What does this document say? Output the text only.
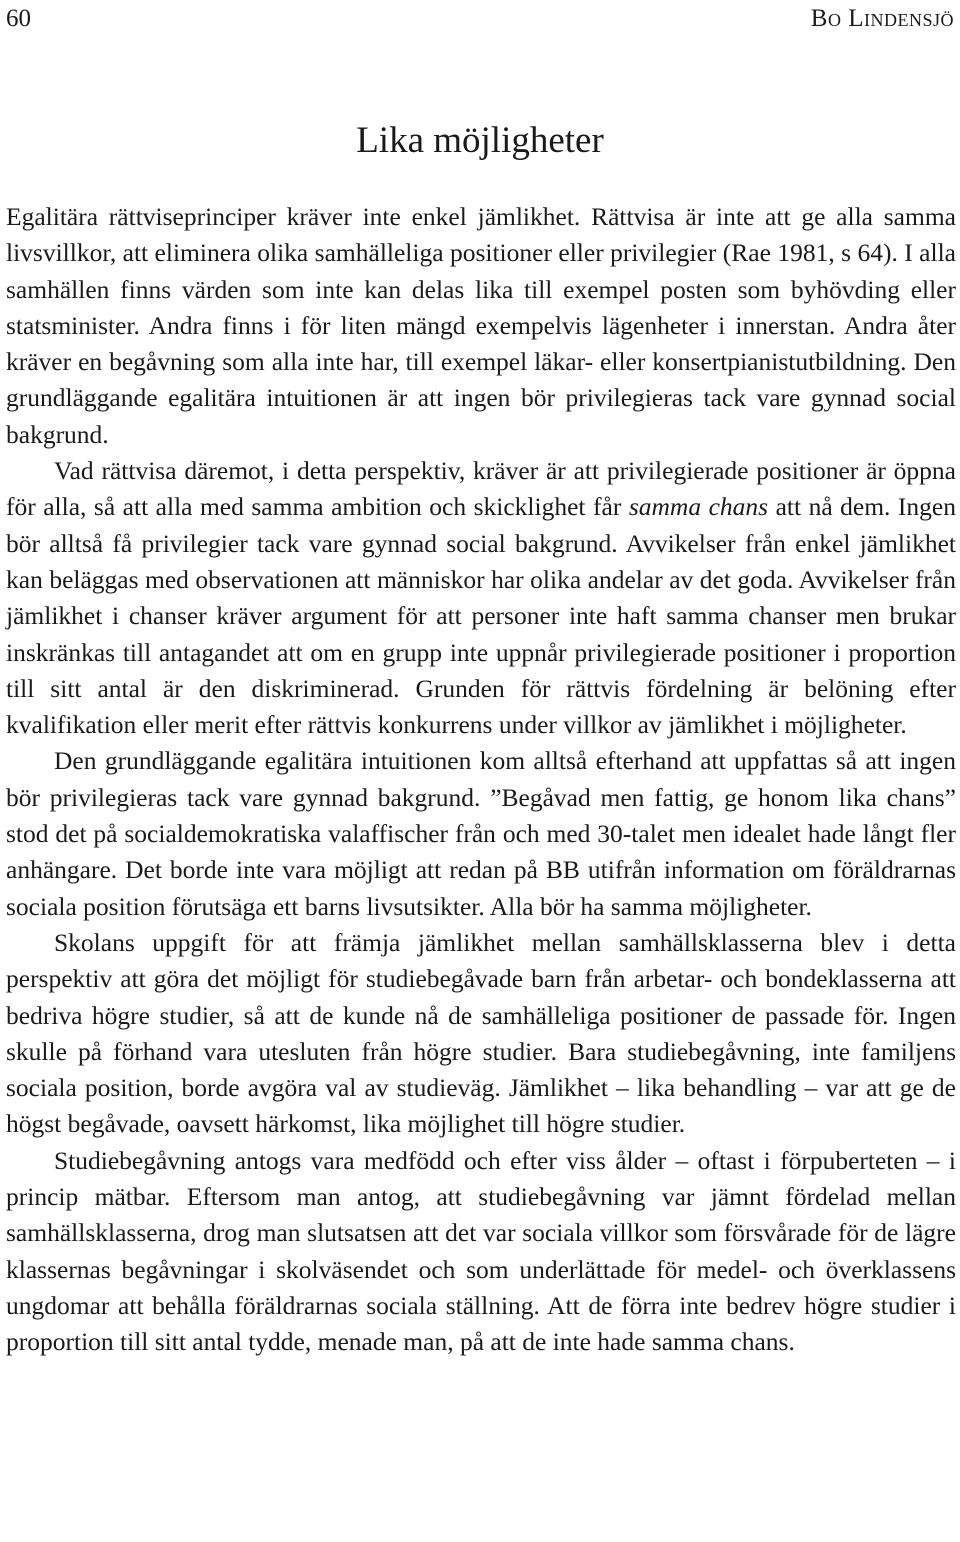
60	Bo Lindensjö
Lika möjligheter

Egalitära rättviseprinciper kräver inte enkel jämlikhet. Rättvisa är inte att ge alla samma livsvillkor, att eliminera olika samhälleliga positioner eller privilegier (Rae 1981, s 64). I alla samhällen finns värden som inte kan delas lika till exempel posten som byhövding eller statsminister. Andra finns i för liten mängd exempelvis lägenheter i innerstan. Andra åter kräver en begåvning som alla inte har, till exempel läkar- eller konsertpianistutbildning. Den grundläggande egalitära intuitionen är att ingen bör privilegieras tack vare gynnad social bakgrund.

Vad rättvisa däremot, i detta perspektiv, kräver är att privilegierade positioner är öppna för alla, så att alla med samma ambition och skicklighet får samma chans att nå dem. Ingen bör alltså få privilegier tack vare gynnad social bakgrund. Avvikelser från enkel jämlikhet kan beläggas med observationen att människor har olika andelar av det goda. Avvikelser från jämlikhet i chanser kräver argument för att personer inte haft samma chanser men brukar inskränkas till antagandet att om en grupp inte uppnår privilegierade positioner i proportion till sitt antal är den diskriminerad. Grunden för rättvis fördelning är belöning efter kvalifikation eller merit efter rättvis konkurrens under villkor av jämlikhet i möjligheter.

Den grundläggande egalitära intuitionen kom alltså efterhand att uppfattas så att ingen bör privilegieras tack vare gynnad bakgrund. ”Begåvad men fattig, ge honom lika chans” stod det på socialdemokratiska valaffischer från och med 30-talet men idealet hade långt fler anhängare. Det borde inte vara möjligt att redan på BB utifrån information om föräldrarnas sociala position förutsäga ett barns livsutsikter. Alla bör ha samma möjligheter.

Skolans uppgift för att främja jämlikhet mellan samhällsklasserna blev i detta perspektiv att göra det möjligt för studiebegåvade barn från arbetar- och bondeklasserna att bedriva högre studier, så att de kunde nå de samhälleliga positioner de passade för. Ingen skulle på förhand vara utesluten från högre studier. Bara studiebegåvning, inte familjens sociala position, borde avgöra val av studieväg. Jämlikhet – lika behandling – var att ge de högst begåvade, oavsett härkomst, lika möjlighet till högre studier.

Studiebegåvning antogs vara medfödd och efter viss ålder – oftast i förpuberteten – i princip mätbar. Eftersom man antog, att studiebegåvning var jämnt fördelad mellan samhällsklasserna, drog man slutsatsen att det var sociala villkor som försvårade för de lägre klassernas begåvningar i skolväsendet och som underlättade för medel- och överklassens ungdomar att behålla föräldrarnas sociala ställning. Att de förra inte bedrev högre studier i proportion till sitt antal tydde, menade man, på att de inte hade samma chans.
